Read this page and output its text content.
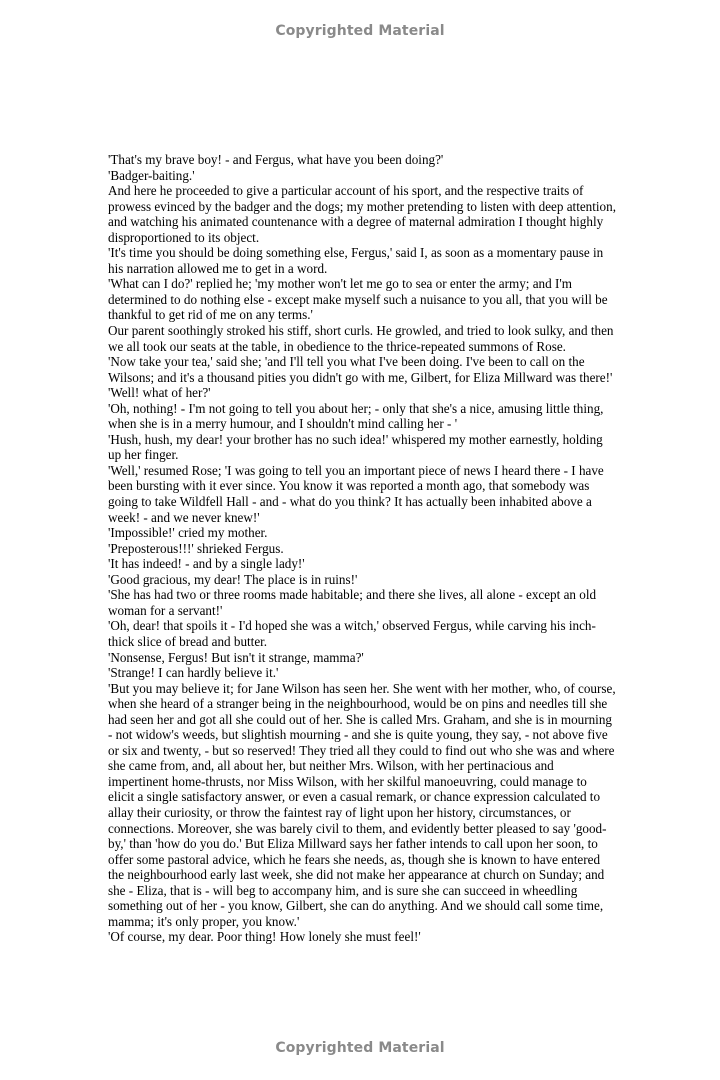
Copyrighted Material

'That's my brave boy! - and Fergus, what have you been doing?'

'Badger-baiting.'

And here he proceeded to give a particular account of his sport, and the respective traits of prowess evinced by the badger and the dogs; my mother pretending to listen with deep attention, and watching his animated countenance with a degree of maternal admiration I thought highly disproportioned to its object.

'It's time you should be doing something else, Fergus,' said I, as soon as a momentary pause in his narration allowed me to get in a word.

'What can I do?' replied he; 'my mother won't let me go to sea or enter the army; and I'm determined to do nothing else - except make myself such a nuisance to you all, that you will be thankful to get rid of me on any terms.'

Our parent soothingly stroked his stiff, short curls. He growled, and tried to look sulky, and then we all took our seats at the table, in obedience to the thrice-repeated summons of Rose.

'Now take your tea,' said she; 'and I'll tell you what I've been doing. I've been to call on the Wilsons; and it's a thousand pities you didn't go with me, Gilbert, for Eliza Millward was there!'

'Well! what of her?'

'Oh, nothing! - I'm not going to tell you about her; - only that she's a nice, amusing little thing, when she is in a merry humour, and I shouldn't mind calling her - '

'Hush, hush, my dear! your brother has no such idea!' whispered my mother earnestly, holding up her finger.

'Well,' resumed Rose; 'I was going to tell you an important piece of news I heard there - I have been bursting with it ever since. You know it was reported a month ago, that somebody was going to take Wildfell Hall - and - what do you think? It has actually been inhabited above a week! - and we never knew!'

'Impossible!' cried my mother.

'Preposterous!!!' shrieked Fergus.

'It has indeed! - and by a single lady!'

'Good gracious, my dear! The place is in ruins!'

'She has had two or three rooms made habitable; and there she lives, all alone - except an old woman for a servant!'

'Oh, dear! that spoils it - I'd hoped she was a witch,' observed Fergus, while carving his inch-thick slice of bread and butter.

'Nonsense, Fergus! But isn't it strange, mamma?'

'Strange! I can hardly believe it.'

'But you may believe it; for Jane Wilson has seen her. She went with her mother, who, of course, when she heard of a stranger being in the neighbourhood, would be on pins and needles till she had seen her and got all she could out of her. She is called Mrs. Graham, and she is in mourning - not widow's weeds, but slightish mourning - and she is quite young, they say, - not above five or six and twenty, - but so reserved! They tried all they could to find out who she was and where she came from, and, all about her, but neither Mrs. Wilson, with her pertinacious and impertinent home-thrusts, nor Miss Wilson, with her skilful manoeuvring, could manage to elicit a single satisfactory answer, or even a casual remark, or chance expression calculated to allay their curiosity, or throw the faintest ray of light upon her history, circumstances, or connections. Moreover, she was barely civil to them, and evidently better pleased to say 'good-by,' than 'how do you do.' But Eliza Millward says her father intends to call upon her soon, to offer some pastoral advice, which he fears she needs, as, though she is known to have entered the neighbourhood early last week, she did not make her appearance at church on Sunday; and she - Eliza, that is - will beg to accompany him, and is sure she can succeed in wheedling something out of her - you know, Gilbert, she can do anything. And we should call some time, mamma; it's only proper, you know.'

'Of course, my dear. Poor thing! How lonely she must feel!'

Copyrighted Material
